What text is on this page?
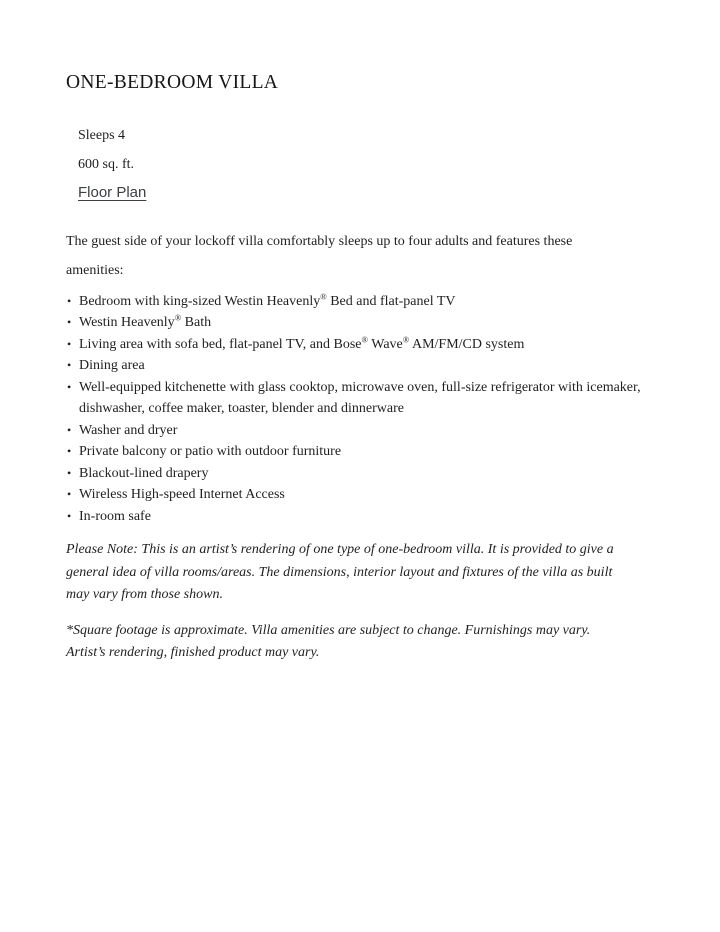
ONE-BEDROOM VILLA
Sleeps 4
600 sq. ft.
Floor Plan

The guest side of your lockoff villa comfortably sleeps up to four adults and features these amenities:

• Bedroom with king-sized Westin Heavenly® Bed and flat-panel TV
• Westin Heavenly® Bath
• Living area with sofa bed, flat-panel TV, and Bose® Wave® AM/FM/CD system
• Dining area
• Well-equipped kitchenette with glass cooktop, microwave oven, full-size refrigerator with icemaker, dishwasher, coffee maker, toaster, blender and dinnerware
• Washer and dryer
• Private balcony or patio with outdoor furniture
• Blackout-lined drapery
• Wireless High-speed Internet Access
• In-room safe

Please Note: This is an artist’s rendering of one type of one-bedroom villa. It is provided to give a general idea of villa rooms/areas. The dimensions, interior layout and fixtures of the villa as built may vary from those shown.

*Square footage is approximate. Villa amenities are subject to change. Furnishings may vary. Artist’s rendering, finished product may vary.
